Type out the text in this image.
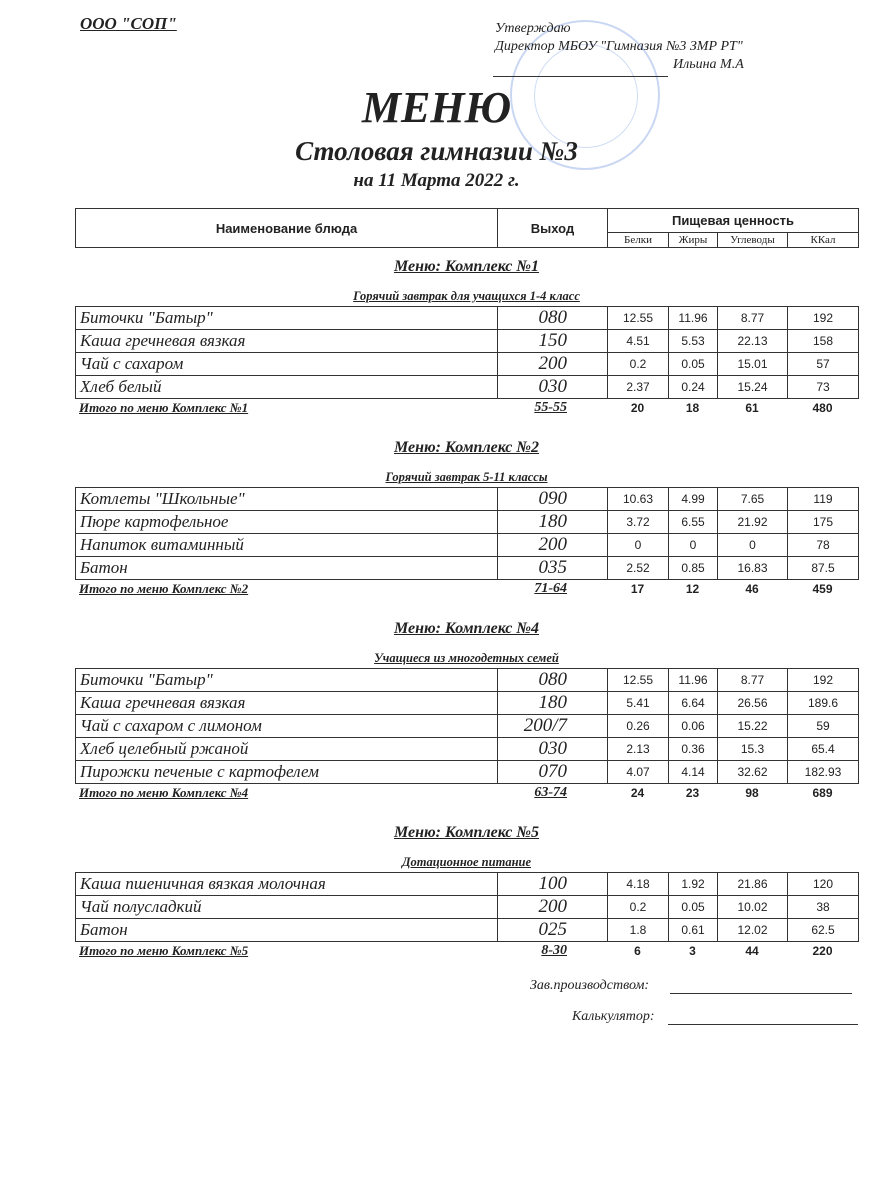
ООО "СОП"	Утверждаю
Директор МБОУ "Гимназия №3 ЗМР РТ"
Ильина М.А
МЕНЮ
Столовая гимназии №3
на 11 Марта 2022 г.
Наименование блюда	Выход	Пищевая ценность			
		Белки	Жиры	Углеводы	ККал
Меню: Комплекс №1
Горячий завтрак для учащихся 1-4 класс
Биточки "Батыр"	080	12.55	11.96	8.77	192
Каша гречневая вязкая	150	4.51	5.53	22.13	158
Чай с сахаром	200	0.2	0.05	15.01	57
Хлеб белый	030	2.37	0.24	15.24	73
Итого по меню Комплекс №1	55-55	20	18	61	480
Меню: Комплекс №2
Горячий завтрак 5-11 классы
Котлеты "Школьные"	090	10.63	4.99	7.65	119
Пюре картофельное	180	3.72	6.55	21.92	175
Напиток витаминный	200	0	0	0	78
Батон	035	2.52	0.85	16.83	87.5
Итого по меню Комплекс №2	71-64	17	12	46	459
Меню: Комплекс №4
Учащиеся из многодетных семей
Биточки "Батыр"	080	12.55	11.96	8.77	192
Каша гречневая вязкая	180	5.41	6.64	26.56	189.6
Чай с сахаром с лимоном	200/7	0.26	0.06	15.22	59
Хлеб целебный ржаной	030	2.13	0.36	15.3	65.4
Пирожки печеные с картофелем	070	4.07	4.14	32.62	182.93
Итого по меню Комплекс №4	63-74	24	23	98	689
Меню: Комплекс №5
Дотационное питание
Каша пшеничная вязкая молочная	100	4.18	1.92	21.86	120
Чай полусладкий	200	0.2	0.05	10.02	38
Батон	025	1.8	0.61	12.02	62.5
Итого по меню Комплекс №5	8-30	6	3	44	220
Зав.производством:
Калькулятор:
